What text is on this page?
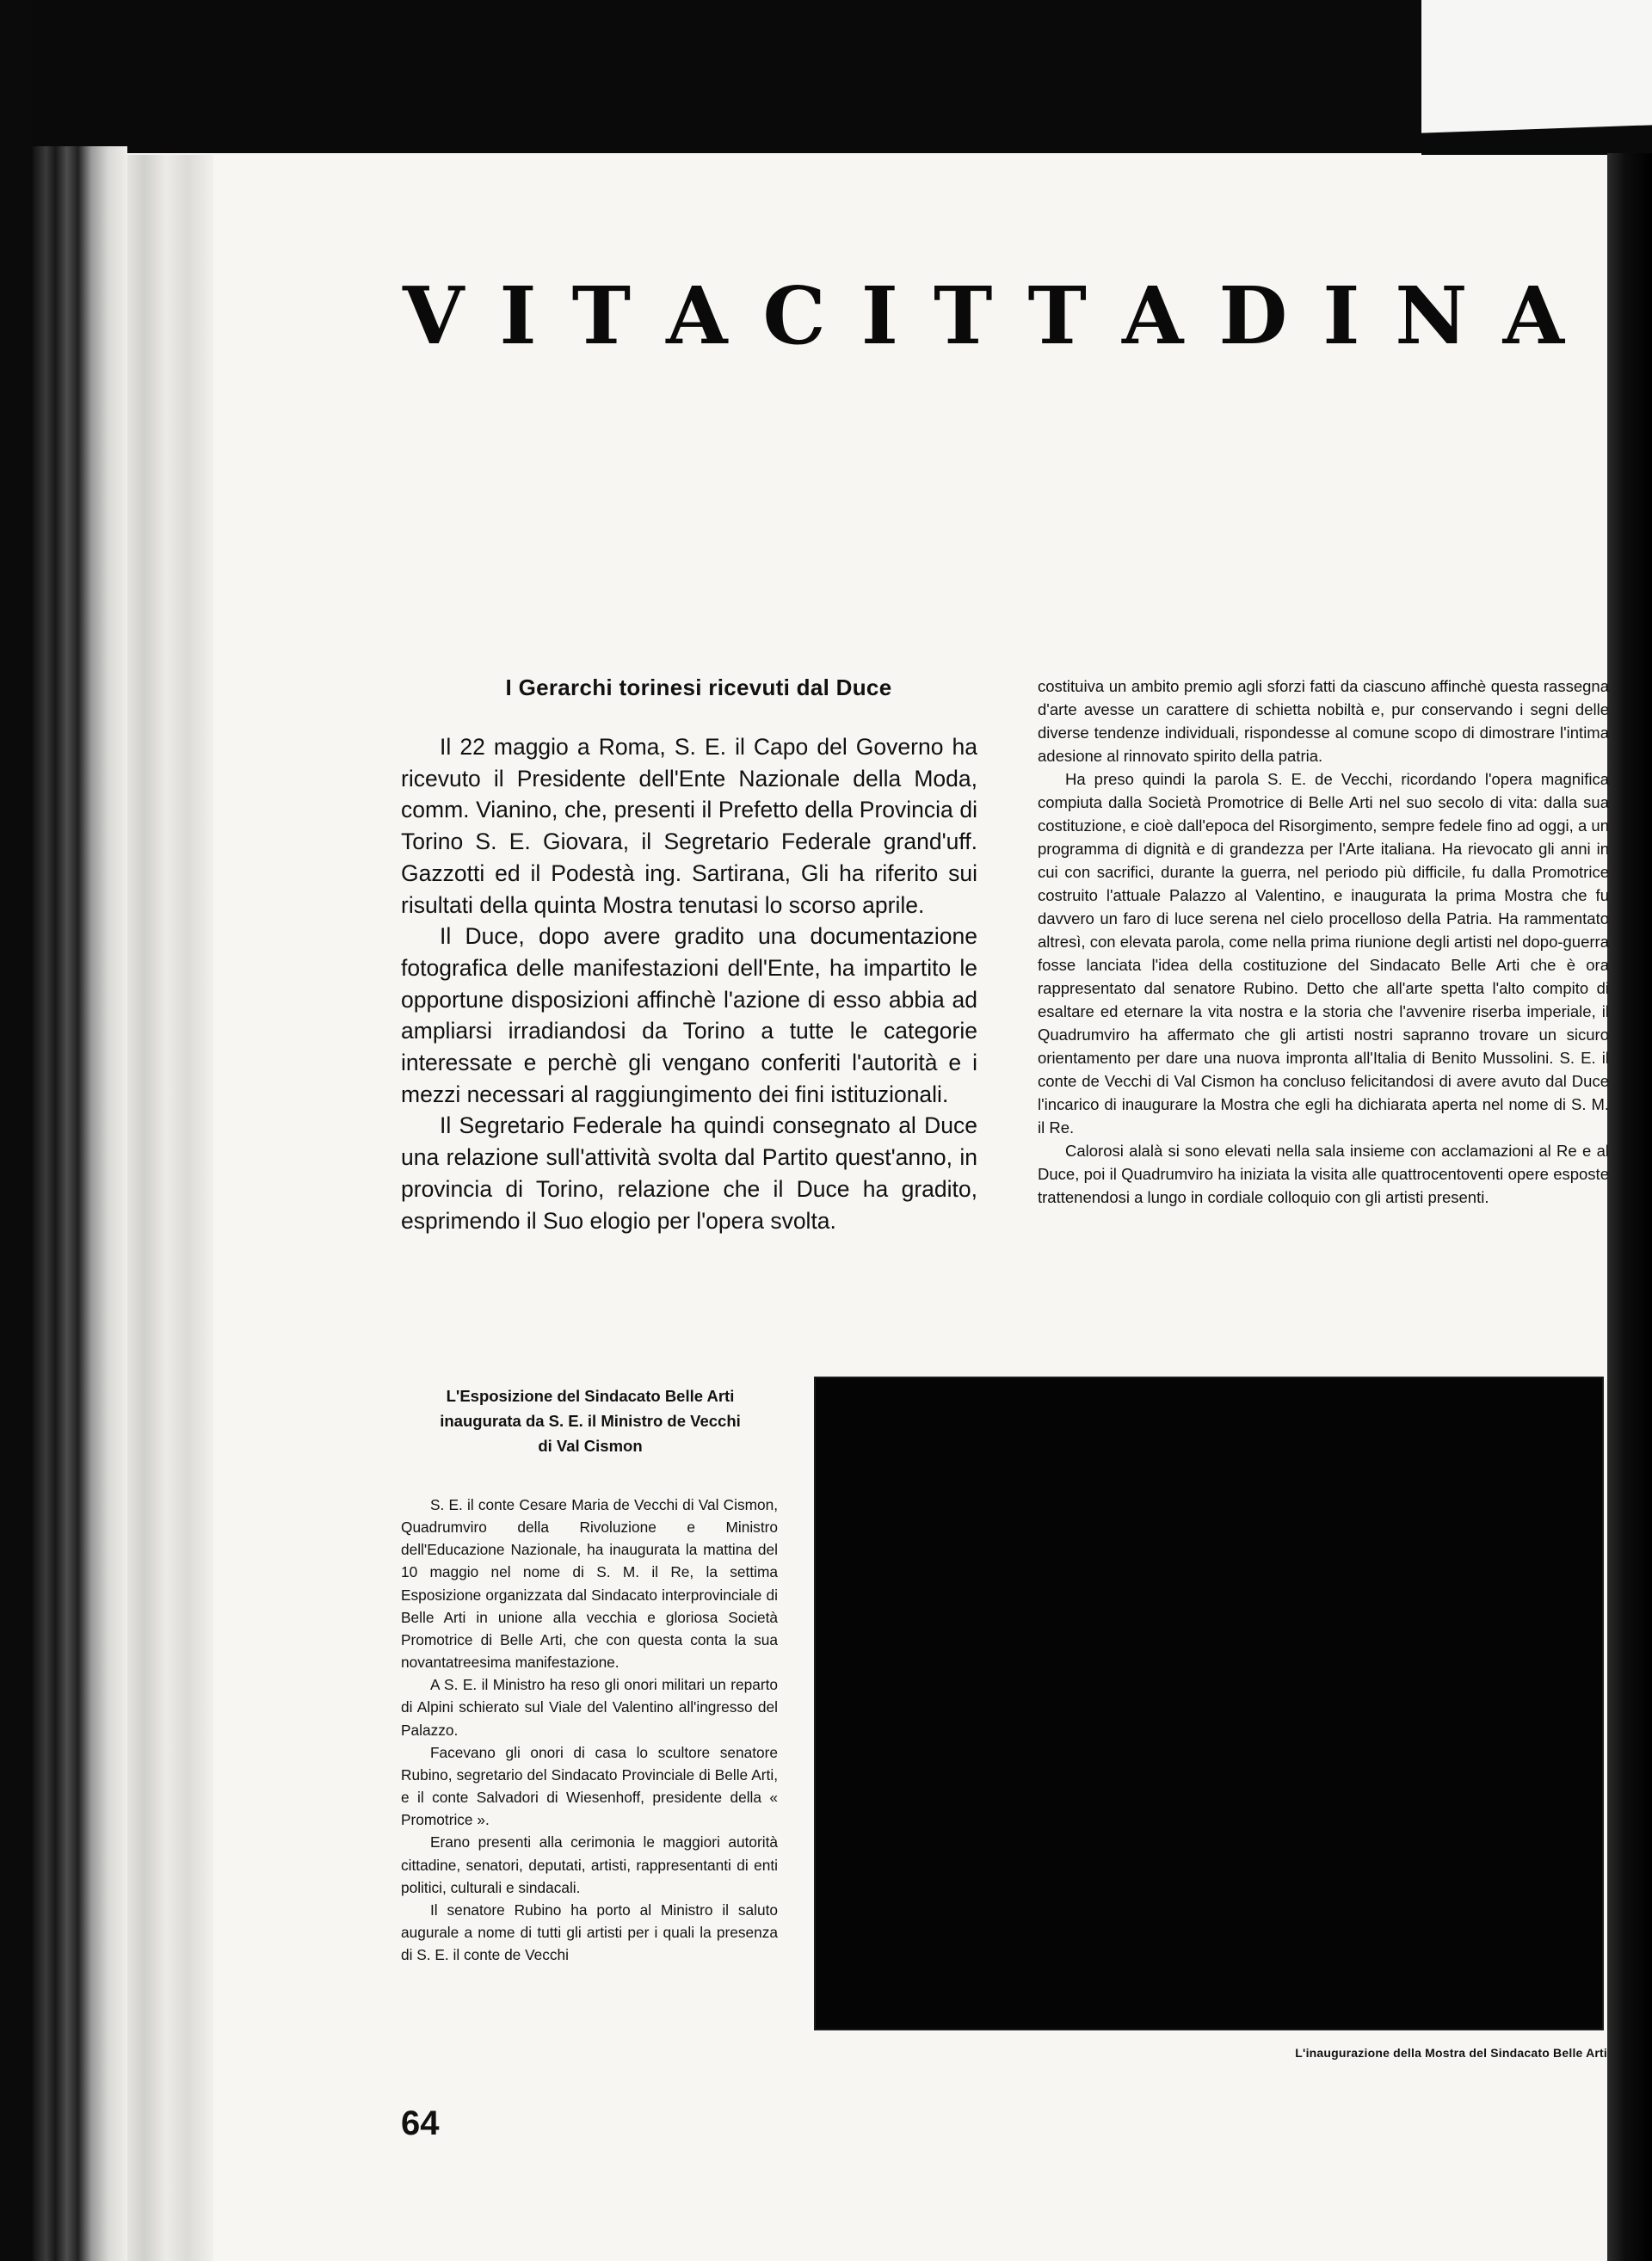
V I T A C I T T A D I N A
I Gerarchi torinesi ricevuti dal Duce

Il 22 maggio a Roma, S. E. il Capo del Governo ha ricevuto il Presidente dell'Ente Nazionale della Moda, comm. Vianino, che, presenti il Prefetto della Provincia di Torino S. E. Giovara, il Segretario Federale grand'uff. Gazzotti ed il Podestà ing. Sartirana, Gli ha riferito sui risultati della quinta Mostra tenutasi lo scorso aprile.

Il Duce, dopo avere gradito una documentazione fotografica delle manifestazioni dell'Ente, ha impartito le opportune disposizioni affinchè l'azione di esso abbia ad ampliarsi irradiandosi da Torino a tutte le categorie interessate e perchè gli vengano conferiti l'autorità e i mezzi necessari al raggiungimento dei fini istituzionali.

Il Segretario Federale ha quindi consegnato al Duce una relazione sull'attività svolta dal Partito quest'anno, in provincia di Torino, relazione che il Duce ha gradito, esprimendo il Suo elogio per l'opera svolta.

costituiva un ambito premio agli sforzi fatti da ciascuno affinchè questa rassegna d'arte avesse un carattere di schietta nobiltà e, pur conservando i segni delle diverse tendenze individuali, rispondesse al comune scopo di dimostrare l'intima adesione al rinnovato spirito della patria.

Ha preso quindi la parola S. E. de Vecchi, ricordando l'opera magnifica compiuta dalla Società Promotrice di Belle Arti nel suo secolo di vita: dalla sua costituzione, e cioè dall'epoca del Risorgimento, sempre fedele fino ad oggi, a un programma di dignità e di grandezza per l'Arte italiana. Ha rievocato gli anni in cui con sacrifici, durante la guerra, nel periodo più difficile, fu dalla Promotrice costruito l'attuale Palazzo al Valentino, e inaugurata la prima Mostra che fu davvero un faro di luce serena nel cielo procelloso della Patria. Ha rammentato altresì, con elevata parola, come nella prima riunione degli artisti nel dopo-guerra fosse lanciata l'idea della costituzione del Sindacato Belle Arti che è ora rappresentato dal senatore Rubino. Detto che all'arte spetta l'alto compito di esaltare ed eternare la vita nostra e la storia che l'avvenire riserba imperiale, il Quadrumviro ha affermato che gli artisti nostri sapranno trovare un sicuro orientamento per dare una nuova impronta all'Italia di Benito Mussolini. S. E. il conte de Vecchi di Val Cismon ha concluso felicitandosi di avere avuto dal Duce l'incarico di inaugurare la Mostra che egli ha dichiarata aperta nel nome di S. M. il Re.

Calorosi alalà si sono elevati nella sala insieme con acclamazioni al Re e al Duce, poi il Quadrumviro ha iniziata la visita alle quattrocentoventi opere esposte trattenendosi a lungo in cordiale colloquio con gli artisti presenti.

L'Esposizione del Sindacato Belle Arti
inaugurata da S. E. il Ministro de Vecchi
di Val Cismon

S. E. il conte Cesare Maria de Vecchi di Val Cismon, Quadrumviro della Rivoluzione e Ministro dell'Educazione Nazionale, ha inaugurata la mattina del 10 maggio nel nome di S. M. il Re, la settima Esposizione organizzata dal Sindacato interprovinciale di Belle Arti in unione alla vecchia e gloriosa Società Promotrice di Belle Arti, che con questa conta la sua novantatreesima manifestazione.

A S. E. il Ministro ha reso gli onori militari un reparto di Alpini schierato sul Viale del Valentino all'ingresso del Palazzo.

Facevano gli onori di casa lo scultore senatore Rubino, segretario del Sindacato Provinciale di Belle Arti, e il conte Salvadori di Wiesenhoff, presidente della « Promotrice ».

Erano presenti alla cerimonia le maggiori autorità cittadine, senatori, deputati, artisti, rappresentanti di enti politici, culturali e sindacali.

Il senatore Rubino ha porto al Ministro il saluto augurale a nome di tutti gli artisti per i quali la presenza di S. E. il conte de Vecchi

L'inaugurazione della Mostra del Sindacato Belle Arti
64
